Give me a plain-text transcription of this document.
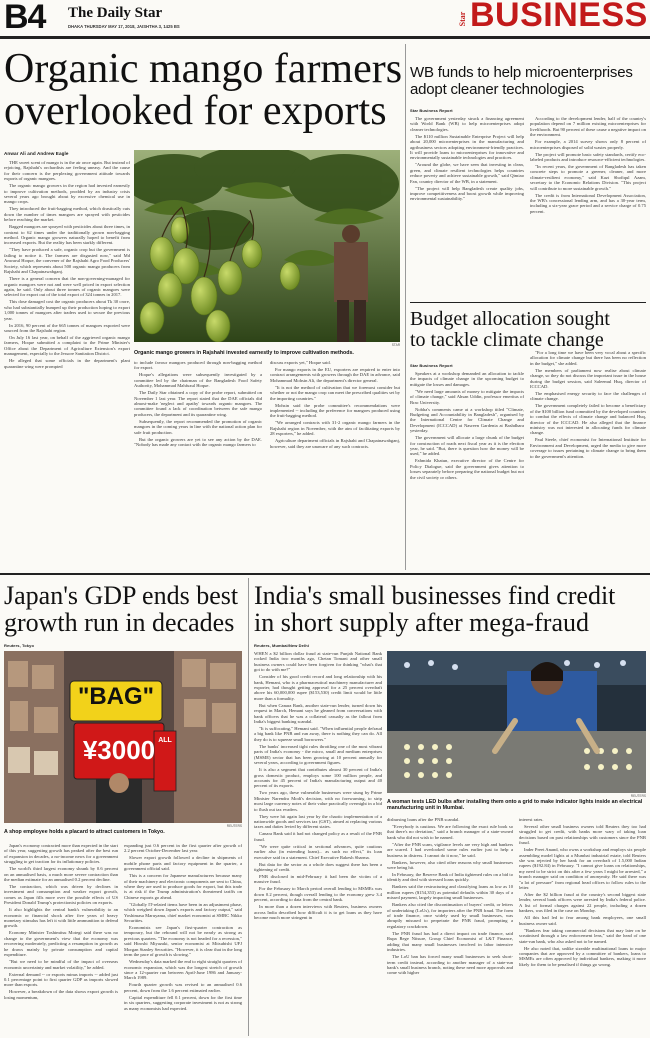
B4 The Daily Star
DHAKA THURSDAY MAY 17, 2018, JAISHTHA 3, 1425 BS
Star BUSINESS
Organic mango farmers
overlooked for exports
Anwar Ali and Andrew Eagle

THE sweet scent of mango is in the air once again. But instead of rejoicing, Rajshahi's orchardists are feeling uneasy. And the cause for their concern is the perplexing government attitude towards exports of organic mangoes.

The organic mango growers in the region had invested earnestly to improve cultivation methods, prodded by an industry crisis several years ago brought about by excessive chemical use in mango crops.

They introduced the fruit-bagging method, which drastically cuts down the number of times mangoes are sprayed with pesticides before reaching the market.

Bagged mangoes are sprayed with pesticides about three times, in contrast to 62 times under the traditionally grown non-bagging method. Organic mango growers naturally hoped to benefit from increased exports. But the reality has been starkly different.

"They have produced a safe, organic crop but the government is failing to notice it. The farmers are disgusted now," said Md Anwarul Hoque, the convener of the Rajshahi Agro Food Producers' Society, which represents about 500 organic mango producers from Rajshahi and Chapainawabganj.

There is a general concern that the non-governing-managed for organic mangoes were not and were well priced in export selection again, he said. Only about three tonnes of organic mangoes were selected for export out of the total export of 324 tonnes in 2017.

This dose damaged cost the organic producers about Tk 30 crore, who had substantially bumped up their production hoping to export 1,000 tonnes of mangoes after traders used to secure the previous year.

In 2016, 90 percent of the 665 tonnes of mangoes exported were sourced from the Rajshahi region.

On July 16 last year, on behalf of the aggrieved organic mango farmers, Hoque submitted a complaint to the Prime Minister's Office about the Department of Agriculture Extension's export management, especially to the Jessore Sanitation District.

He alleged that some officials in the department's plant quarantine wing were prompted

STAR
Organic mango growers in Rajshahi invested earnestly to improve cultivation methods.

to include favour mangoes produced through non-bagging method for export.

Hoque's allegations were subsequently investigated by a committee led by the chairman of the Bangladesh Food Safety Authority, Mohammad Mahfuzul Hoque.

The Daily Star obtained a copy of the probe report, submitted on November 1 last year. The report stated that the DAE officials did almost-make 'neglect and apathy' towards organic mangoes. The committee found a lack of coordination between the safe mango producers, the department and its quarantine wing.

Subsequently, the report recommended the promotion of organic mangoes in the coming years in line with the national action plan for safe fruit production.

But the organic growers are yet to see any action by the DAE. "Nobody has made any contact with the organic mango farmers to

discuss exports yet," Hoque said.

For mango exports in the EU, exporters are required to enter into contract arrangements with growers through the DAE in advance, said Mohammad Mohsin Ali, the department's director general.

"It is not the method of cultivation that we foremost consider but whether or not the mango crop can meet the prescribed qualities set by the importing countries."

Mohsin said the probe committee's recommendations were implemented -- including the preference for mangoes produced using the fruit-bagging method.

"We arranged contracts with 31-2 organic mango farmers in the Rajshahi region in November, with the aim of facilitating exports by 28 exporters," he added.

Agriculture department officials in Rajshahi and Chapainawabganj, however, said they are unaware of any such contracts.

WB funds to help microenterprises
adopt cleaner technologies
Star Business Report

The government yesterday struck a financing agreement with World Bank (WB) to help microenterprises adopt cleaner technologies.

The $110 million Sustainable Enterprise Project will help about 20,000 microenterprises in the manufacturing and agribusiness sectors adopting environment-friendly practices. It will provide loans to microenterprises for innovative and environmentally sustainable technologies and practices.

"Around the globe, we have seen that investing in clean, green, and climate resilient technologies helps countries reduce poverty and achieve sustainable growth," said Qimiao Fan, country director of the WB, in a statement.

"The project will help Bangladesh create quality jobs, improve competitiveness and boost growth while improving environmental sustainability."

According to the development lender, half of the country's population depend on 7 million existing microenterprises for livelihoods. But 90 percent of these cause a negative impact on the environment.

For example, a 2014 survey shows only 8 percent of microenterprises disposed of solid wastes properly.

The project will promote basic safety standards, certify eco-labeled products and introduce resource-efficient technologies.

"In recent years, the government of Bangladesh has taken concrete steps to promote a greener, cleaner, and more climate-resilient economy," said Kazi Shofiqul Azam, secretary to the Economic Relations Division. "This project will contribute to more sustainable growth."

The credit is from International Development Association, the WB's concessional lending arm, and has a 30-year term, including a six-year grace period and a service charge of 0.75 percent.

Budget allocation sought
to tackle climate change
Star Business Report

Speakers at a workshop demanded an allocation to tackle the impacts of climate change in the upcoming budget to mitigate the losses and damages.

"We need large amounts of money to mitigate the impacts of climate change," said Ahsan Uddin, professor emeritus of Brac University.

Nobha's comments came at a workshop titled "Climate, Budgeting and Accountability in Bangladesh", organised by the International Centre for Climate Change and Development (ICCCAD) at Nasreen Gardenia at Bashdhara yesterday.

The government will allocate a large chunk of the budget for construction of roads next fiscal year as it is the election year, he said. "But, there is question how the money will be used," he added.

Fahmida Khatun, executive director of the Centre for Policy Dialogue, said the government gives attention to losses separately before preparing the national budget but not the civil society or others.

"For a long time we have been very vocal about a specific allocation for climate change but there has been no reflection in the budget," she added.

The members of parliament now realise about climate change, so they do not discuss the important issue in the house during the budget session, said Saleemul Huq, director of ICCCAD.

The emphasised energy security to face the challenges of climate change.

The government completely failed to become a beneficiary of the $100 billion fund committed by the developed countries to combat the effects of climate change and balanced Huq, director of the ICCCAD. He also alleged that the finance ministry was not interested in allocating funds for climate change.

Paul Steele, chief economist for International Institute for Environment and Development, urged the media to give more coverage to issues pertaining to climate change to bring them to the government's attention.

Japan's GDP ends best
growth run in decades
Reuters, Tokyo
"BAG"
¥3000 ALL
REUTERS
A shop employee holds a placard to attract customers in Tokyo.

Japan's economy contracted more than expected in the start of this year, suggesting growth has peaked after the best run of expansion in decades, a no-income news for a government struggling to get traction for its inflationary policies.

The world's third largest economy shrank by 0.6 percent on an annualised basis, a much more severe contraction than the median estimate for an annualised 0.2 percent decline.

The contraction, which was driven by declines in investment and consumption and weaker export growth, comes as Japan fills more over the possible effects of US President Donald Trump's protectionist policies on exports.

It also highlights the central bank's vulnerability to an economic or financial shock after five years of heavy monetary stimulus has left it with little ammunition to defend growth.

Economy Minister Toshimitsu Motegi said there was no change to the government's view that the economy was recovering moderately, predicting a resumption in growth as he draws mainly by private consumption and capital expenditure.

"But we need to be mindful of the impact of overseas economic uncertainty and market volatility," he added.

External demand -- or exports minus imports -- added just 0.1 percentage point to first quarter GDP as imports slowed more than exports.

However, a breakdown of the data shows export growth is losing momentum,

expanding just 0.6 percent in the first quarter after growth of 2.2 percent October-December last year.

Slower export growth followed a decline in shipments of mobile phone parts and factory equipment in the quarter, a government official said.

This is a concern for Japanese manufacturers because many of their machinery and electronic components are sent to China, where they are used to produce goods for export, but this trade is at risk if the Trump administration's threatened tariffs on Chinese exports go ahead.

"Globally IT-related items have been in an adjustment phase, which weighed down Japan's exports and factory output," said Yoshimasa Maruyama, chief market economist at SMBC Nikko Securities.

Economists see Japan's first-quarter contraction as temporary, but the rebound will not be nearly as strong as previous quarters. "The economy is not headed for a recession," said Hiroshi Miyazaki, senior economist at Mitsubishi UFJ Morgan Stanley Securities. "However, it is clear that in the long term the pace of growth is slowing."

Wednesday's data marked the end to eight straight quarters of economic expansion, which was the longest stretch of growth since a 12-quarter run between April-June 1986 and January-March 1989.

Fourth quarter growth was revised to an annualised 0.6 percent, down from the 1.6 percent estimated earlier.

Capital expenditure fell 0.1 percent, down for the first time in six quarters, suggesting corporate investment is not as strong as many economists had expected.

India's small businesses find credit
in short supply after mega-fraud
Reuters, Mumbai/New Delhi

WHEN a $2 billion dollar fraud at state-run Punjab National Bank rocked India two months ago, Chetan Tomani and other small business owners could have been forgiven for thinking "what's that got to do with me?"

Consider of his good credit record and long relationship with his bank, Hemani, who is a pharmaceutical machinery manufacturer and exporter, had thought getting approval for a 25 percent overdraft above his 60,000,000 rupee ($153,530) credit limit would be little more than a formality.

But when Canara Bank, another state-run lender, turned down his request in March, Hemani says he gleaned from conversations with bank officers that he was a collateral casualty as the fallout from India's biggest banking scandal.

"It is suffocating," Hemani said. "When influential people defraud a big bank like PNB and run away, there is nothing they can do. All they do is to squeeze small borrowers."

The banks' increased tight rules throttling one of the most vibrant parts of India's economy - the micro, small and medium enterprises (MSME) sector that has been growing at 10 percent annually for several years, according to government figures.

It is also a segment that contributes almost 30 percent of India's gross domestic product, employs some 100 million people, and accounts for 45 percent of India's manufacturing output and 40 percent of its exports.

Two years ago, these vulnerable businesses were stung by Prime Minister Narendra Modi's decision, with no forewarning, to strip most large currency notes of their value practically overnight in a bid to flush out tax evaders.

They were hit again last year by the chaotic implementation of a nationwide goods and services tax (GST), aimed at replacing various taxes and duties levied by different states.

Canara Bank said it had not changed policy as a result of the PNB fraud.

"We were quite critical in sectional advances, quite cautious earlier also (in extending loans)... as such no effect," its loan executive said in a statement. Chief Executive Rakesh Sharma.

But data for the sector as a whole does suggest there has been a tightening of credit.

PNB disclosed in mid-February it had been the victim of a massive fraud.

For the February to March period overall lending to MSMEs was down 0.2 percent, though overall lending to the economy grew 3.4 percent, according to data from the central bank.

In more than a dozen interviews with Reuters, business owners across India described how difficult it is to get loans as they have become much more stringent in

REUTERS
A woman tests LED bulbs after installing them onto a grid to make indicator lights inside an electrical manufacturing unit in Mumbai.

disbursing loans after the PNB scandal.

"Everybody is cautious. We are following the exact rule book so that there's no deviation," said a branch manager of a state-owned bank who did not wish to be named.

"After the PNB scam, vigilance levels are very high and bankers are scared. I had overlooked some rules earlier just to help a business in distress. I cannot do it now," he said.

Bankers, however, also cited other reasons why small businesses were being hit.

In February, the Reserve Bank of India tightened rules on a bid to identify and deal with stressed loans quickly.

Bankers said the restructuring and classifying loans as low as 10 million rupees ($154,353) as potential defaults within 30 days of a missed payment, largely impacting small businesses.

Bankers also cited the discontinuation of buyers' credit, or letters of undertaking (LoUs), for importers after the PNB fraud. The form of trade finance, once widely used by small businesses, was abruptly misused to perpetrate the PNB fraud, prompting a regulatory crackdown.

The PNB fraud has had a direct impact on trade finance, said Rupa Rege Nitsure, Group Chief Economist of L&T Finance, adding that many small businesses involved in labor intensive industries.

The LoU ban has forced many small businesses to seek short-term credit instead, according to another manager of a state-run bank's small business branch, noting these need more approvals and come with higher

interest rates.

Several other small business owners told Reuters they too had struggled to get credit, with banks more wary of taking loan decisions based on past relationships with customers since the PNB fraud.

Inder Preet Anand, who owns a workshop and employs six people assembling model lights at a Mumbai industrial estate, told Reuters she was rejected by her bank for an overdraft of 1.5,000 Indian rupees ($192.84) in February. "I cannot give loans on relationships, my need to be strict on this after a few years I might be arrested," a branch manager said on condition of anonymity. He said there was "a lot of pressure" from regional head offices to follow rules to the letter.

After the $2 billion fraud at the country's second biggest state lender, several bank officers were arrested by India's federal police. A list of formal charges against 22 people, including a dozen bankers, was filed in the case on Monday.

All this had led to fear among bank employees, one small business owner said.

"Bankers fear taking commercial decisions that may later on be scrutinised through a law enforcement lens," said the head of one state-run bank, who also asked not to be named.

He also noted that, unlike sizeable multinational loans to major companies that are approved by a committee of bankers, loans to MSMEs are often approved by individual bankers, making it more likely for them to be penalised if things go wrong.
